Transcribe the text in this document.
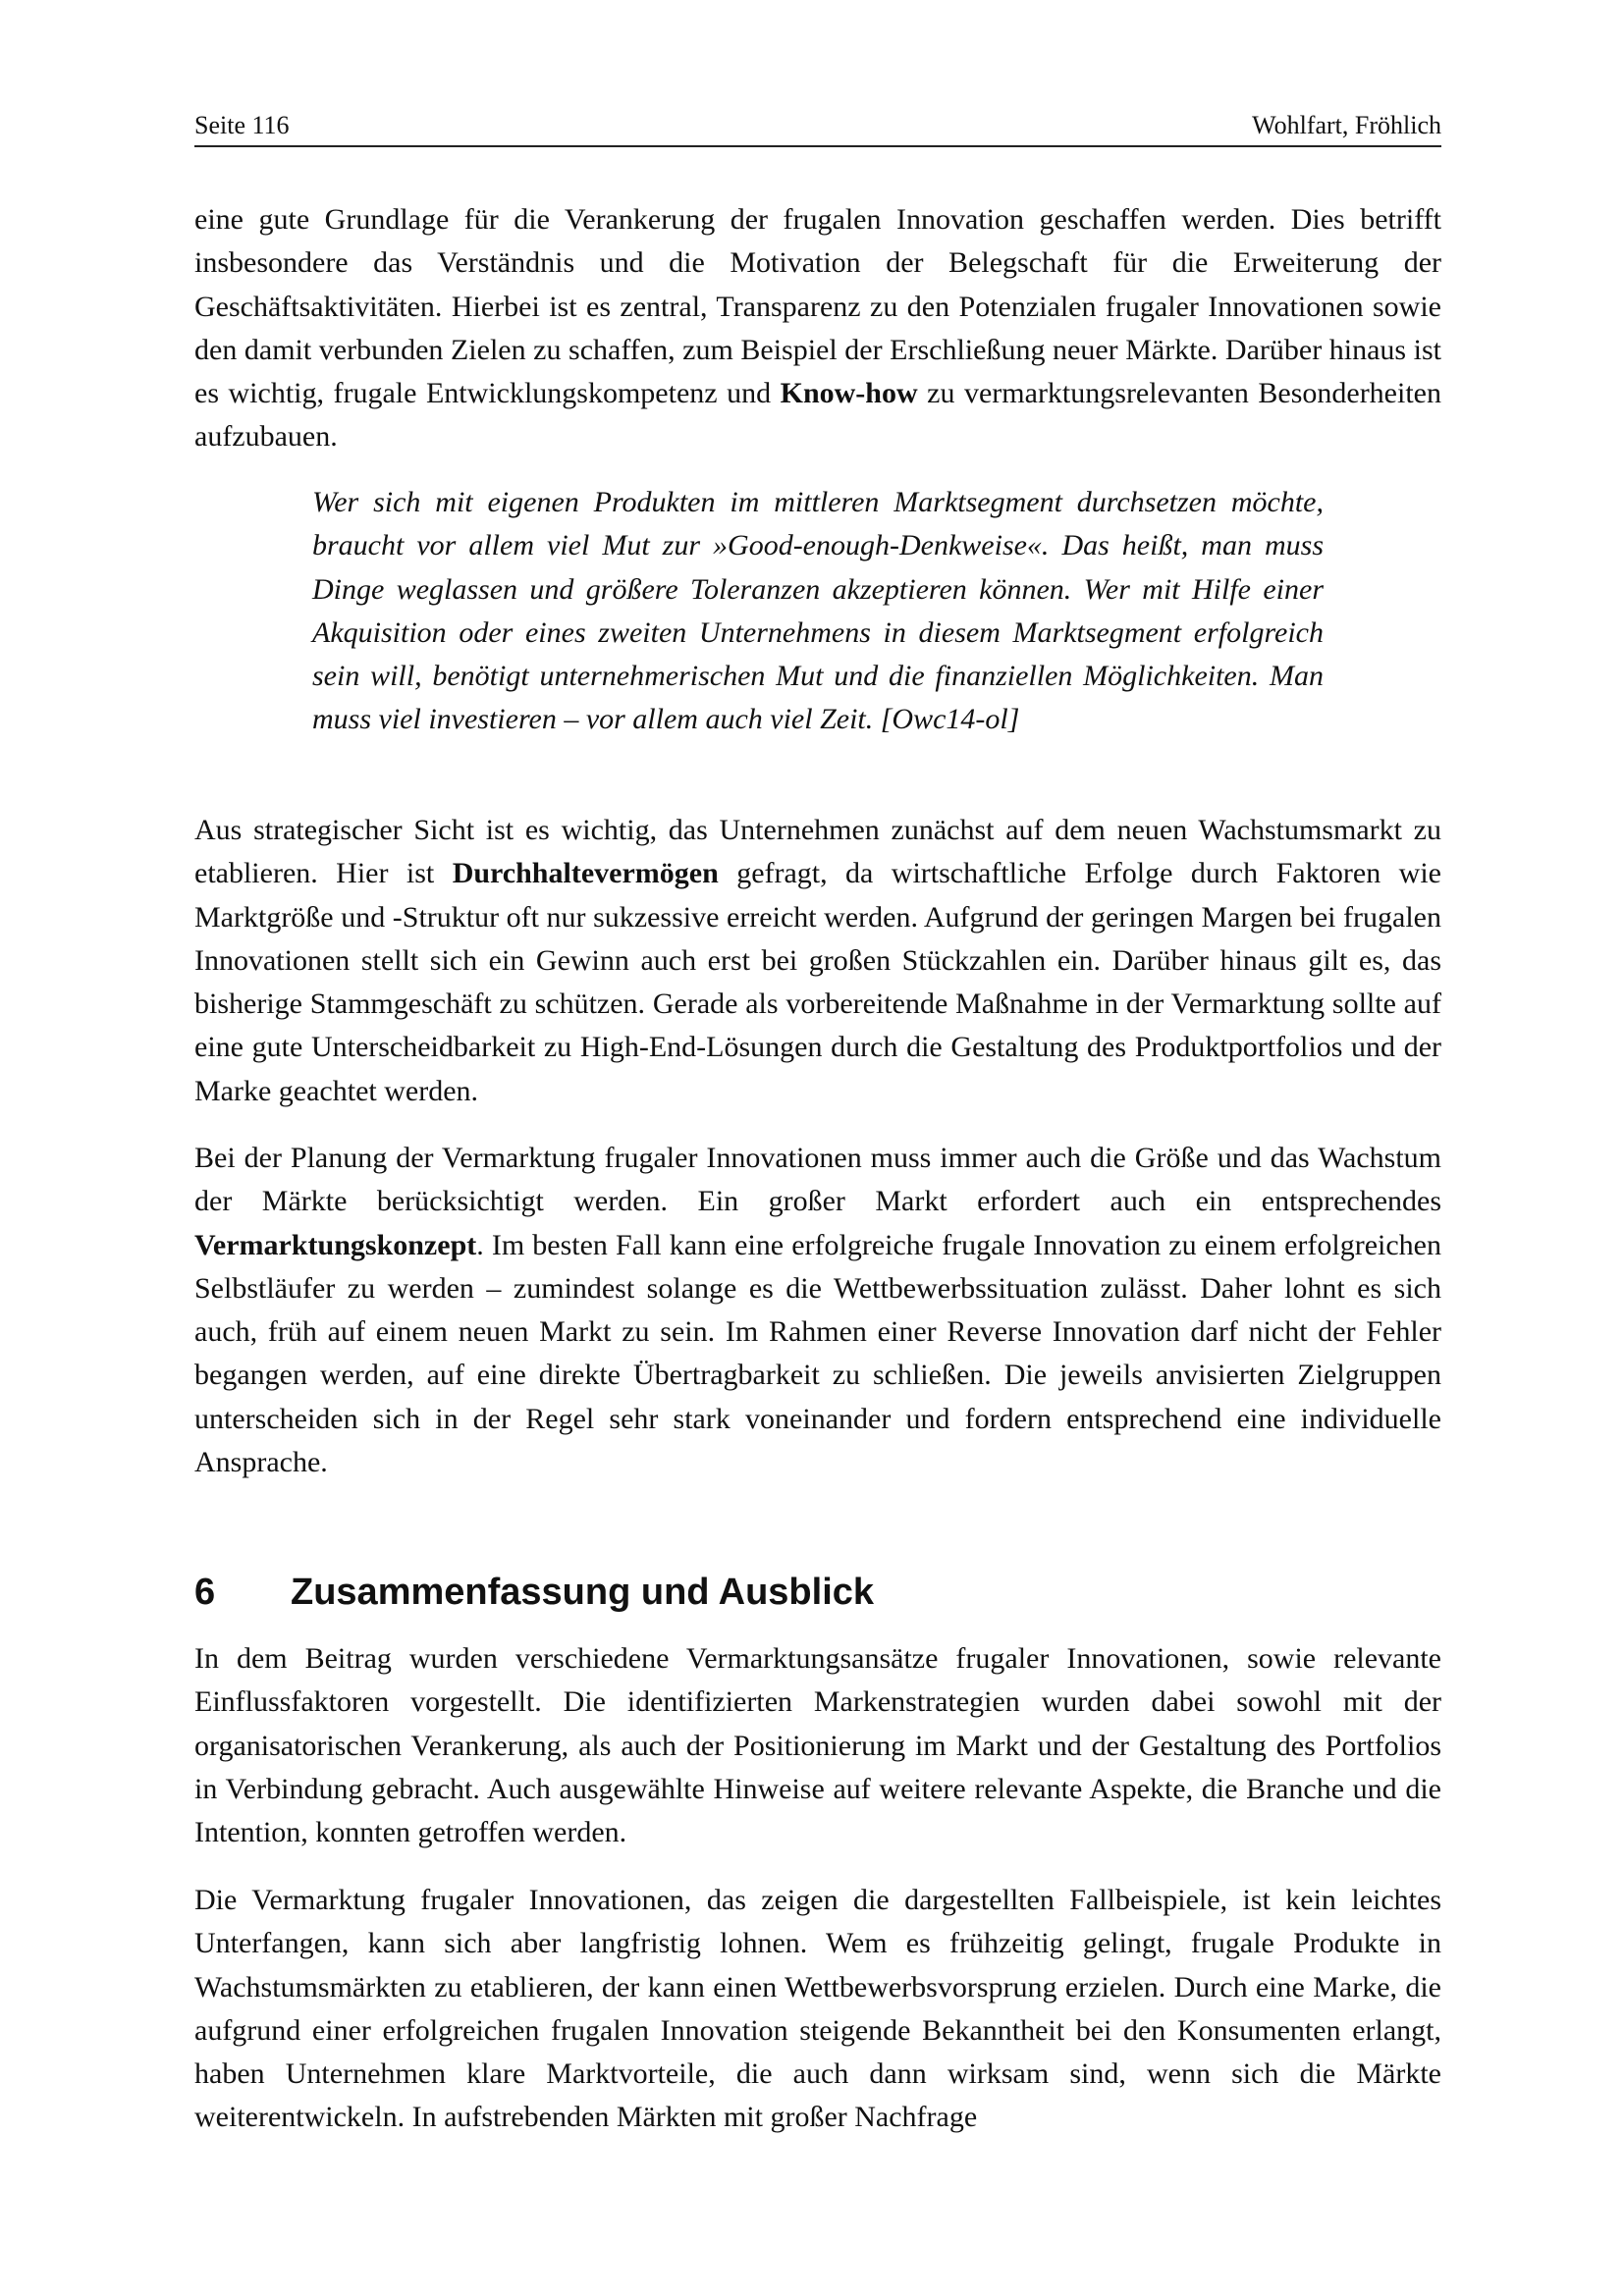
Seite 116	Wohlfart, Fröhlich

eine gute Grundlage für die Verankerung der frugalen Innovation geschaffen werden. Dies betrifft insbesondere das Verständnis und die Motivation der Belegschaft für die Erweiterung der Geschäftsaktivitäten. Hierbei ist es zentral, Transparenz zu den Potenzialen frugaler Innovationen sowie den damit verbunden Zielen zu schaffen, zum Beispiel der Erschließung neuer Märkte. Darüber hinaus ist es wichtig, frugale Entwicklungskompetenz und Know-how zu vermarktungsrelevanten Besonderheiten aufzubauen.

Wer sich mit eigenen Produkten im mittleren Marktsegment durchsetzen möchte, braucht vor allem viel Mut zur »Good-enough-Denkweise«. Das heißt, man muss Dinge weglassen und größere Toleranzen akzeptieren können. Wer mit Hilfe einer Akquisition oder eines zweiten Unternehmens in diesem Marktsegment erfolgreich sein will, benötigt unternehmerischen Mut und die finanziellen Möglichkeiten. Man muss viel investieren – vor allem auch viel Zeit. [Owc14-ol]

Aus strategischer Sicht ist es wichtig, das Unternehmen zunächst auf dem neuen Wachstumsmarkt zu etablieren. Hier ist Durchhaltevermögen gefragt, da wirtschaftliche Erfolge durch Faktoren wie Marktgröße und -Struktur oft nur sukzessive erreicht werden. Aufgrund der geringen Margen bei frugalen Innovationen stellt sich ein Gewinn auch erst bei großen Stückzahlen ein. Darüber hinaus gilt es, das bisherige Stammgeschäft zu schützen. Gerade als vorbereitende Maßnahme in der Vermarktung sollte auf eine gute Unterscheidbarkeit zu High-End-Lösungen durch die Gestaltung des Produktportfolios und der Marke geachtet werden.

Bei der Planung der Vermarktung frugaler Innovationen muss immer auch die Größe und das Wachstum der Märkte berücksichtigt werden. Ein großer Markt erfordert auch ein entsprechendes Vermarktungskonzept. Im besten Fall kann eine erfolgreiche frugale Innovation zu einem erfolgreichen Selbstläufer zu werden – zumindest solange es die Wettbewerbssituation zulässt. Daher lohnt es sich auch, früh auf einem neuen Markt zu sein. Im Rahmen einer Reverse Innovation darf nicht der Fehler begangen werden, auf eine direkte Übertragbarkeit zu schließen. Die jeweils anvisierten Zielgruppen unterscheiden sich in der Regel sehr stark voneinander und fordern entsprechend eine individuelle Ansprache.

6 Zusammenfassung und Ausblick

In dem Beitrag wurden verschiedene Vermarktungsansätze frugaler Innovationen, sowie relevante Einflussfaktoren vorgestellt. Die identifizierten Markenstrategien wurden dabei sowohl mit der organisatorischen Verankerung, als auch der Positionierung im Markt und der Gestaltung des Portfolios in Verbindung gebracht. Auch ausgewählte Hinweise auf weitere relevante Aspekte, die Branche und die Intention, konnten getroffen werden.

Die Vermarktung frugaler Innovationen, das zeigen die dargestellten Fallbeispiele, ist kein leichtes Unterfangen, kann sich aber langfristig lohnen. Wem es frühzeitig gelingt, frugale Produkte in Wachstumsmärkten zu etablieren, der kann einen Wettbewerbsvorsprung erzielen. Durch eine Marke, die aufgrund einer erfolgreichen frugalen Innovation steigende Bekanntheit bei den Konsumenten erlangt, haben Unternehmen klare Marktvorteile, die auch dann wirksam sind, wenn sich die Märkte weiterentwickeln. In aufstrebenden Märkten mit großer Nachfrage
